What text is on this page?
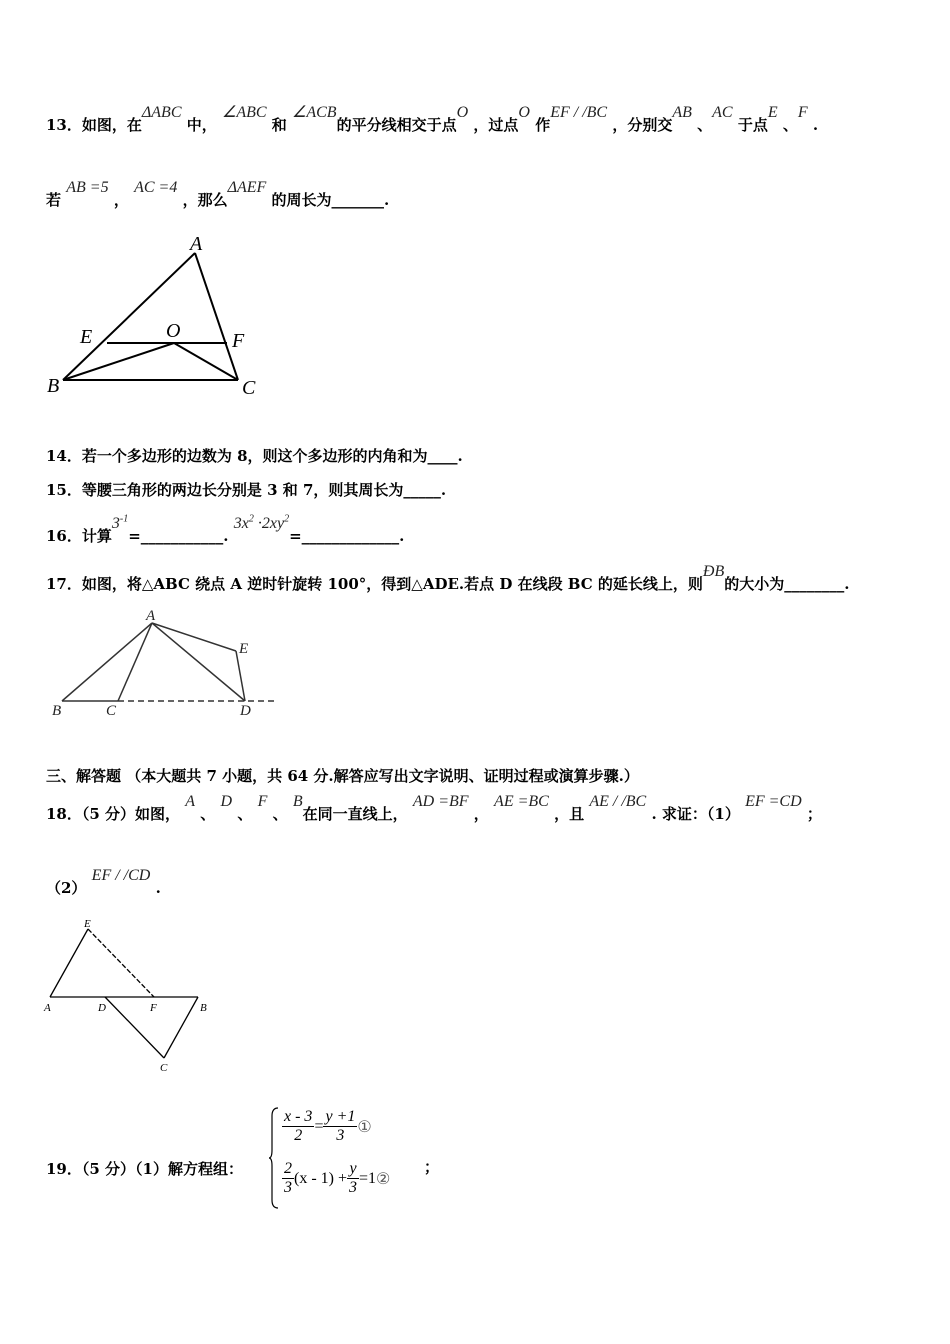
13．如图，在ΔABC 中， ∠ABC 和 ∠ACB的平分线相交于点O ，过点O 作EF / /BC ，分别交AB 、AC 于点E 、F .
若 AB =5 ， AC =4 ，那么ΔAEF 的周长为_______.
A
E	O	F
B	C
14．若一个多边形的边数为 8，则这个多边形的内角和为____.
15．等腰三角形的两边长分别是 3 和 7，则其周长为_____.
16．计算$3^{-1}=\_\_\_\_\_\_\_\_\_\_\_$. $3x^2$ $\cdot 2xy^2=\_\_\_\_\_\_\_\_\_\_\_\_\_$.
17．如图，将△ABC 绕点 A 逆时针旋转 100°，得到△ADE.若点 D 在线段 BC 的延长线上，则ÐB的大小为________.
A
E
B	C	D
三、解答题 （本大题共 7 小题，共 64 分.解答应写出文字说明、证明过程或演算步骤.）
18．（5 分）如图， A 、 D 、 F 、 B在同一直线上， AD =BF ， AE =BC ，且 AE / /BC . 求证：（1） EF =CD ；
（2） EF / /CD .
E
A	D	F	B
C
19．（5 分）（1）解方程组：
$\frac{x - 3}{2} = \frac{y +1}{3}$ ①
$\frac{2}{3} (x - 1) + \frac{y}{3}$ =1②
；
